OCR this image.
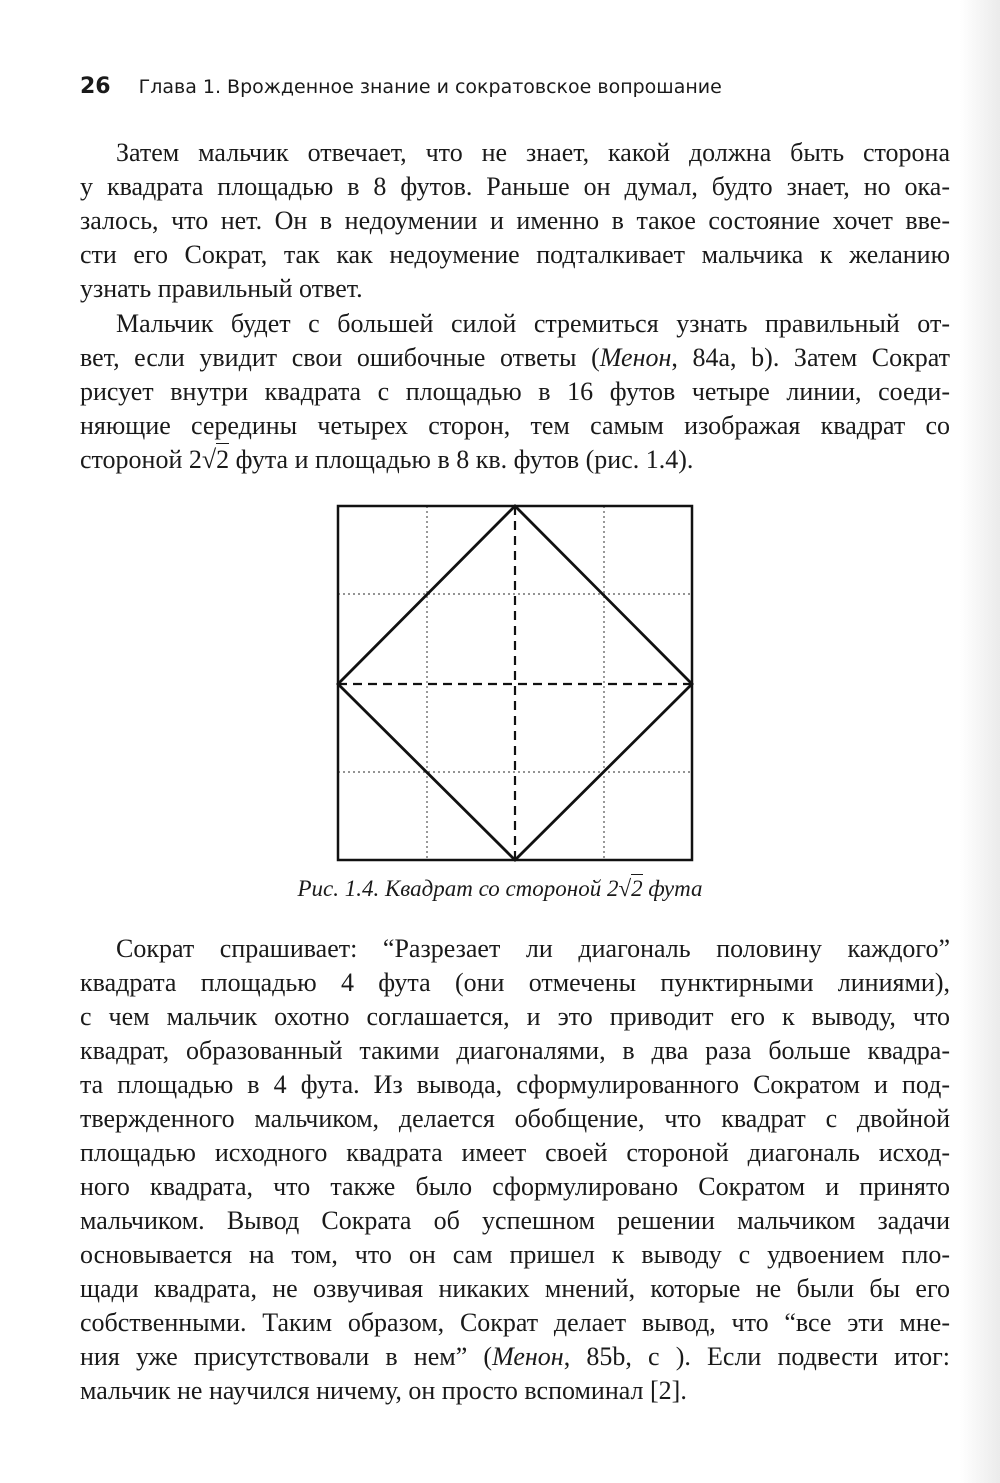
26 Глава 1. Врожденное знание и сократовское вопрошание
Затем мальчик отвечает, что не знает, какой должна быть сторона
у квадрата площадью в 8 футов. Раньше он думал, будто знает, но ока-
залось, что нет. Он в недоумении и именно в такое состояние хочет вве-
сти его Сократ, так как недоумение подталкивает мальчика к желанию
узнать правильный ответ.
Мальчик будет с большей силой стремиться узнать правильный от-
вет, если увидит свои ошибочные ответы (Менон, 84a, b). Затем Сократ
рисует внутри квадрата с площадью в 16 футов четыре линии, соеди-
няющие середины четырех сторон, тем самым изображая квадрат со
стороной 2√2 фута и площадью в 8 кв. футов (рис. 1.4).
Рис. 1.4. Квадрат со стороной 2√2 фута
Сократ спрашивает: “Разрезает ли диагональ половину каждого”
квадрата площадью 4 фута (они отмечены пунктирными линиями),
с чем мальчик охотно соглашается, и это приводит его к выводу, что
квадрат, образованный такими диагоналями, в два раза больше квадра-
та площадью в 4 фута. Из вывода, сформулированного Сократом и под-
твержденного мальчиком, делается обобщение, что квадрат с двойной
площадью исходного квадрата имеет своей стороной диагональ исход-
ного квадрата, что также было сформулировано Сократом и принято
мальчиком. Вывод Сократа об успешном решении мальчиком задачи
основывается на том, что он сам пришел к выводу с удвоением пло-
щади квадрата, не озвучивая никаких мнений, которые не были бы его
собственными. Таким образом, Сократ делает вывод, что “все эти мне-
ния уже присутствовали в нем” (Менон, 85b, c ). Если подвести итог:
мальчик не научился ничему, он просто вспоминал [2].
